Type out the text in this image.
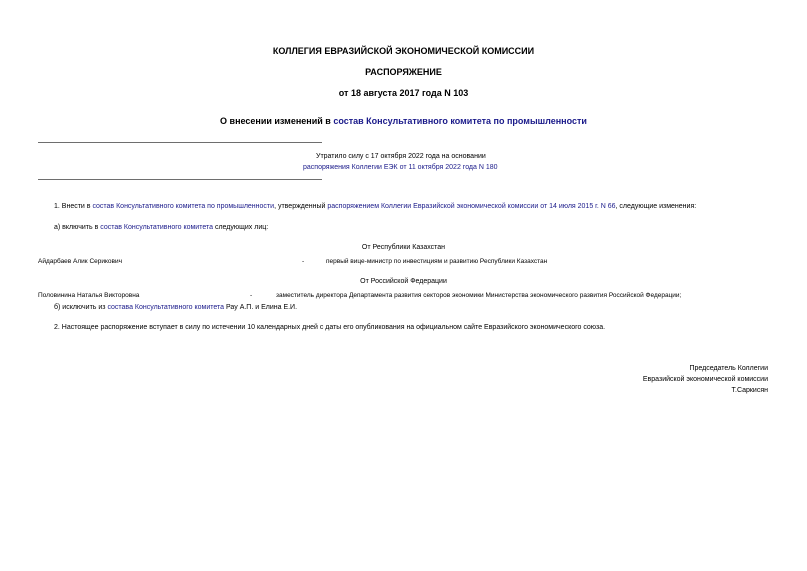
КОЛЛЕГИЯ ЕВРАЗИЙСКОЙ ЭКОНОМИЧЕСКОЙ КОМИССИИ
РАСПОРЯЖЕНИЕ
от 18 августа 2017 года N 103
О внесении изменений в состав Консультативного комитета по промышленности
Утратило силу с 17 октября 2022 года на основании
распоряжения Коллегии ЕЭК от 11 октября 2022 года N 180
1. Внести в состав Консультативного комитета по промышленности, утвержденный распоряжением Коллегии Евразийской экономической комиссии от 14 июля 2015 г. N 66, следующие изменения:
а) включить в состав Консультативного комитета следующих лиц:
От Республики Казахстан
Айдарбаев Алик Серикович	-	первый вице-министр по инвестициям и развитию Республики Казахстан
От Российской Федерации
Половинина Наталья Викторовна	-	заместитель директора Департамента развития секторов экономики Министерства экономического развития Российской Федерации;
б) исключить из состава Консультативного комитета Рау А.П. и Елина Е.И.
2. Настоящее распоряжение вступает в силу по истечении 10 календарных дней с даты его опубликования на официальном сайте Евразийского экономического союза.
Председатель Коллегии
Евразийской экономической комиссии
Т.Саркисян
